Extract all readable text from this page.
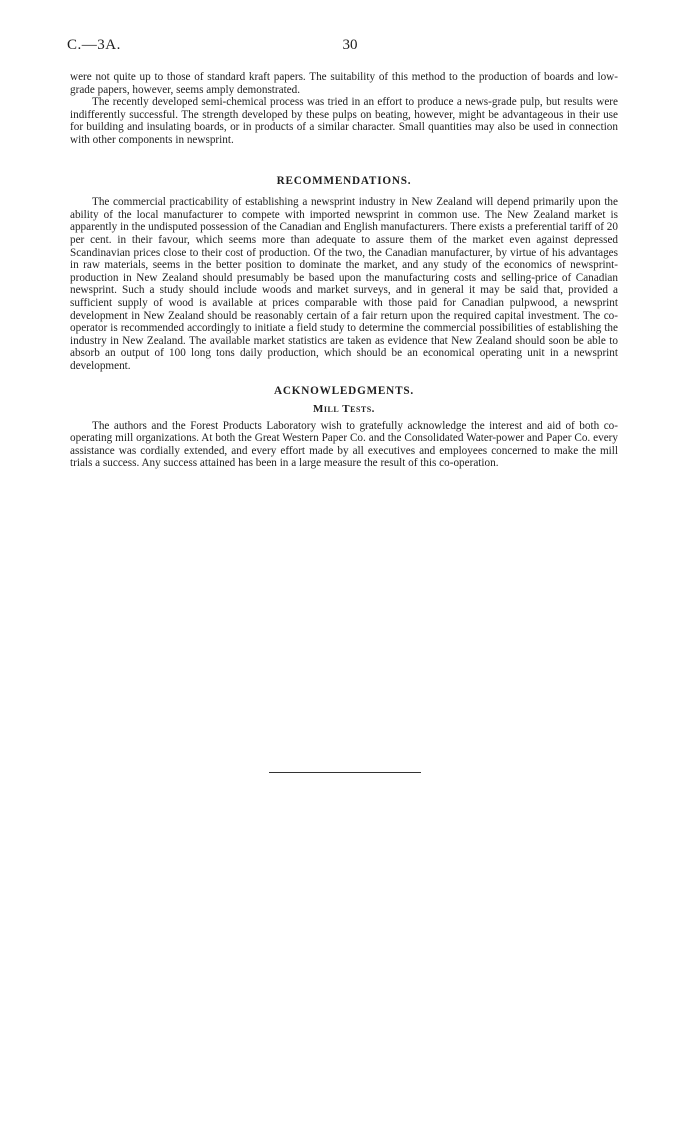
C.—3A.	30

were not quite up to those of standard kraft papers. The suitability of this method to the production of boards and low-grade papers, however, seems amply demonstrated.

The recently developed semi-chemical process was tried in an effort to produce a news-grade pulp, but results were indifferently successful. The strength developed by these pulps on beating, however, might be advantageous in their use for building and insulating boards, or in products of a similar character. Small quantities may also be used in connection with other components in newsprint.

RECOMMENDATIONS.

The commercial practicability of establishing a newsprint industry in New Zealand will depend primarily upon the ability of the local manufacturer to compete with imported newsprint in common use. The New Zealand market is apparently in the undisputed possession of the Canadian and English manufacturers. There exists a preferential tariff of 20 per cent. in their favour, which seems more than adequate to assure them of the market even against depressed Scandinavian prices close to their cost of production. Of the two, the Canadian manufacturer, by virtue of his advantages in raw materials, seems in the better position to dominate the market, and any study of the economics of newsprint-production in New Zealand should presumably be based upon the manufacturing costs and selling-price of Canadian newsprint. Such a study should include woods and market surveys, and in general it may be said that, provided a sufficient supply of wood is available at prices comparable with those paid for Canadian pulpwood, a newsprint development in New Zealand should be reasonably certain of a fair return upon the required capital investment. The co-operator is recommended accordingly to initiate a field study to determine the commercial possibilities of establishing the industry in New Zealand. The available market statistics are taken as evidence that New Zealand should soon be able to absorb an output of 100 long tons daily production, which should be an economical operating unit in a newsprint development.

ACKNOWLEDGMENTS.
Mill Tests.

The authors and the Forest Products Laboratory wish to gratefully acknowledge the interest and aid of both co-operating mill organizations. At both the Great Western Paper Co. and the Consolidated Water-power and Paper Co. every assistance was cordially extended, and every effort made by all executives and employees concerned to make the mill trials a success. Any success attained has been in a large measure the result of this co-operation.
